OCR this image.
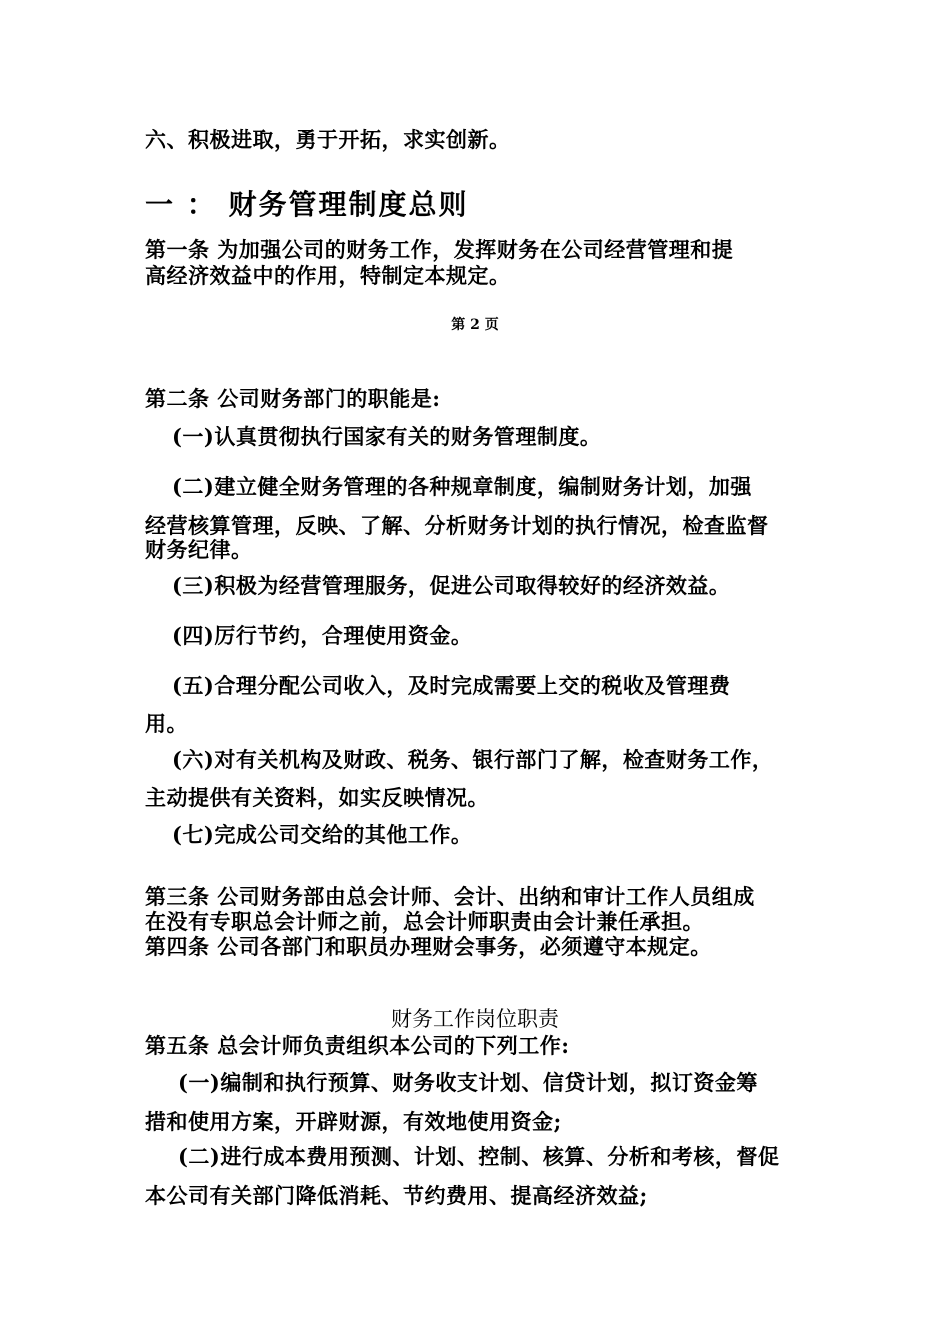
六、积极进取，勇于开拓，求实创新。
一 ： 财务管理制度总则
第一条 为加强公司的财务工作，发挥财务在公司经营管理和提
高经济效益中的作用，特制定本规定。
第 2 页
第二条 公司财务部门的职能是:
(一)认真贯彻执行国家有关的财务管理制度。
(二)建立健全财务管理的各种规章制度，编制财务计划，加强
经营核算管理，反映、了解、分析财务计划的执行情况，检查监督
财务纪律。
(三)积极为经营管理服务，促进公司取得较好的经济效益。
(四)厉行节约，合理使用资金。
(五)合理分配公司收入，及时完成需要上交的税收及管理费
用。
(六)对有关机构及财政、税务、银行部门了解，检查财务工作，
主动提供有关资料，如实反映情况。
(七)完成公司交给的其他工作。
第三条 公司财务部由总会计师、会计、出纳和审计工作人员组成
在没有专职总会计师之前，总会计师职责由会计兼任承担。
第四条 公司各部门和职员办理财会事务，必须遵守本规定。
财务工作岗位职责
第五条 总会计师负责组织本公司的下列工作:
(一)编制和执行预算、财务收支计划、信贷计划，拟订资金筹
措和使用方案，开辟财源，有效地使用资金;
(二)进行成本费用预测、计划、控制、核算、分析和考核，督促
本公司有关部门降低消耗、节约费用、提高经济效益;
